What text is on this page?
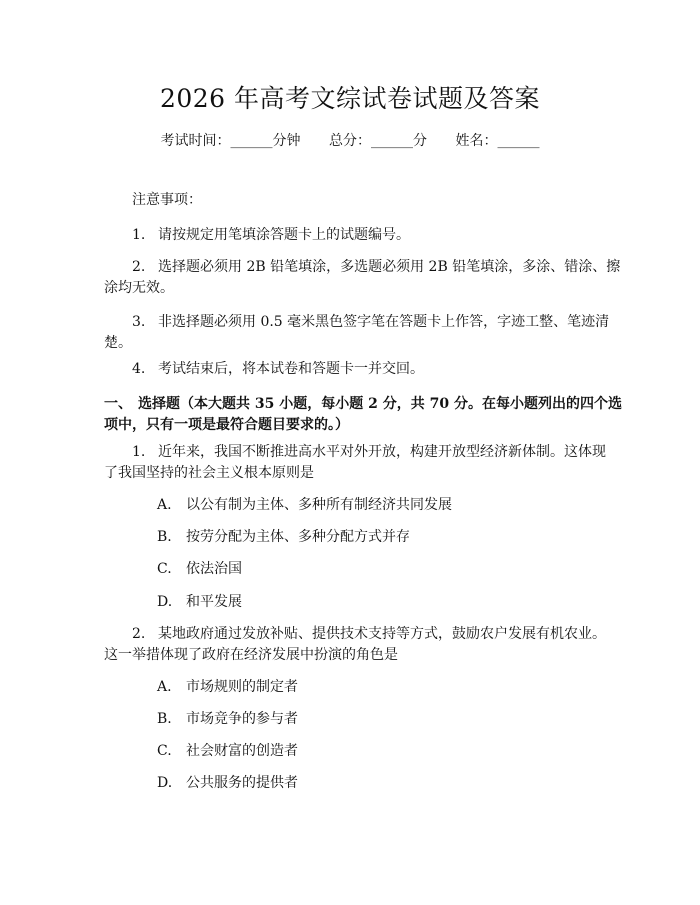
2026 年高考文综试卷试题及答案
考试时间：______分钟 总分：______分 姓名：______
注意事项：
1. 请按规定用笔填涂答题卡上的试题编号。
2. 选择题必须用 2B 铅笔填涂，多选题必须用 2B 铅笔填涂，多涂、错涂、擦
涂均无效。
3. 非选择题必须用 0.5 毫米黑色签字笔在答题卡上作答，字迹工整、笔迹清
楚。
4. 考试结束后，将本试卷和答题卡一并交回。
一、 选择题（本大题共 35 小题，每小题 2 分，共 70 分。在每小题列出的四个选
项中，只有一项是最符合题目要求的。）
1. 近年来，我国不断推进高水平对外开放，构建开放型经济新体制。这体现
了我国坚持的社会主义根本原则是
A. 以公有制为主体、多种所有制经济共同发展
B. 按劳分配为主体、多种分配方式并存
C. 依法治国
D. 和平发展
2. 某地政府通过发放补贴、提供技术支持等方式，鼓励农户发展有机农业。
这一举措体现了政府在经济发展中扮演的角色是
A. 市场规则的制定者
B. 市场竞争的参与者
C. 社会财富的创造者
D. 公共服务的提供者
